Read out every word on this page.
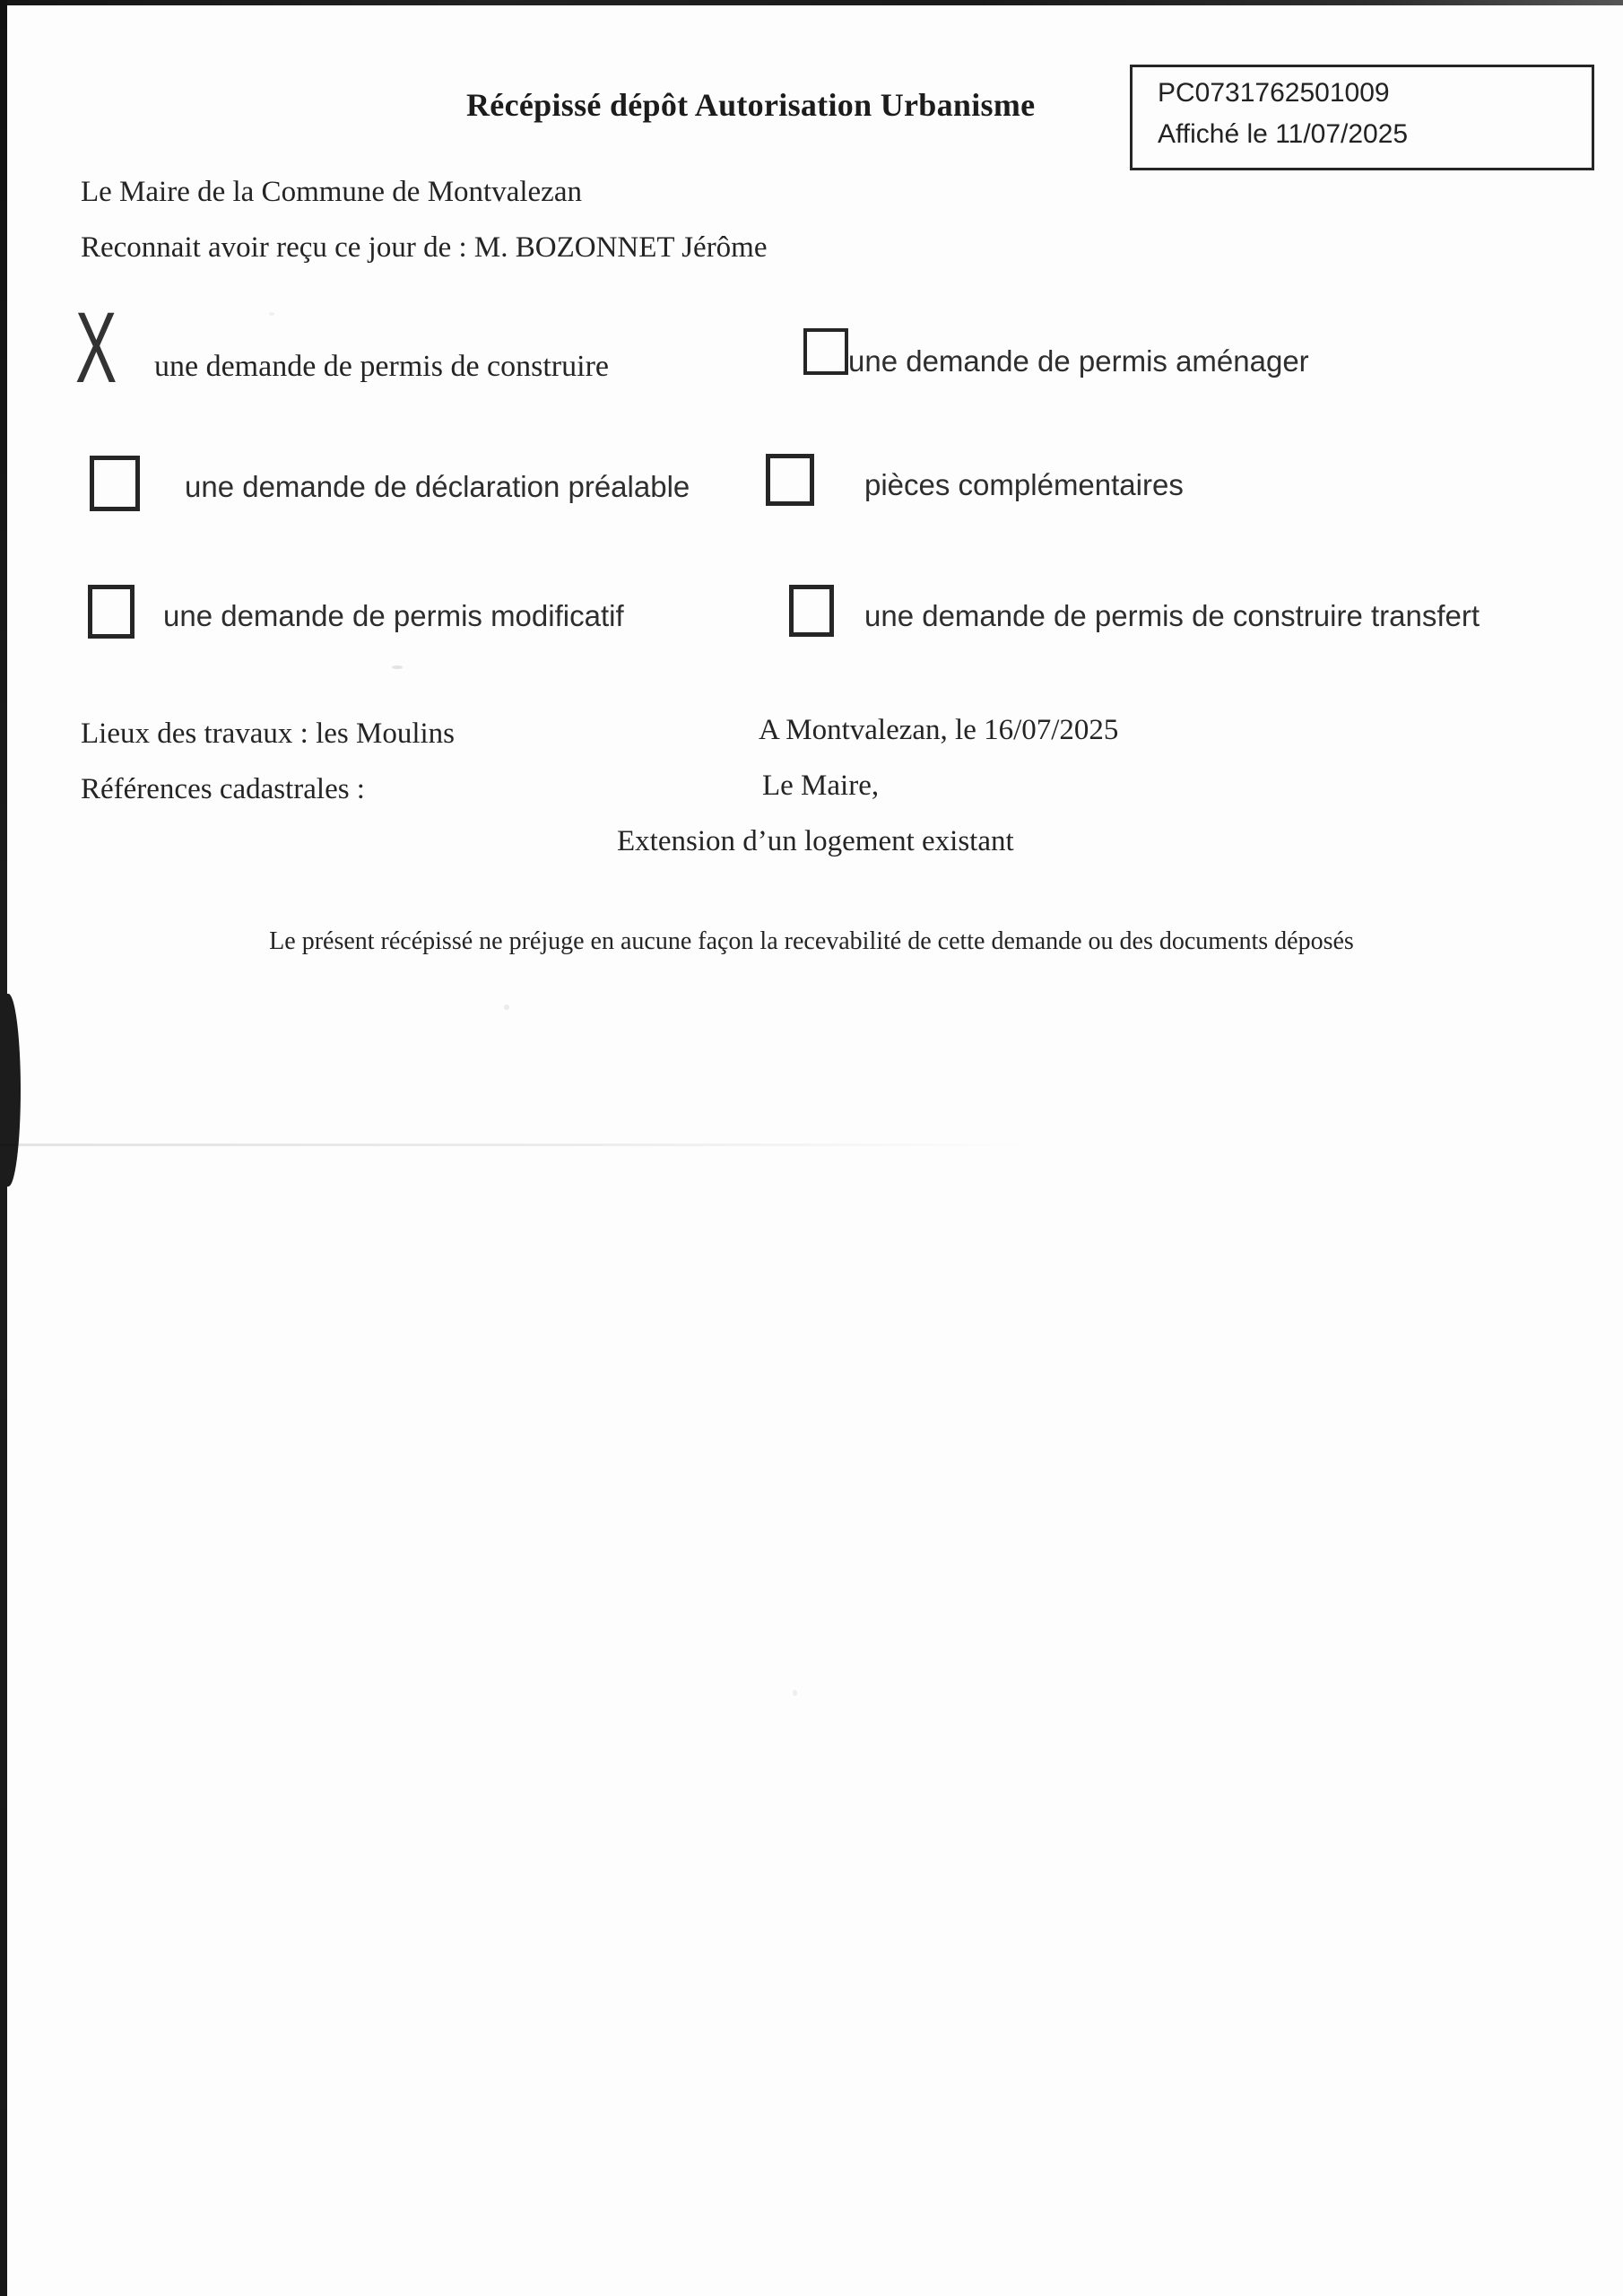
Récépissé dépôt Autorisation Urbanisme	PC0731762501009
Affiché le 11/07/2025

Le Maire de la Commune de Montvalezan

Reconnait avoir reçu ce jour de : M. BOZONNET Jérôme

X une demande de permis de construire	une demande de permis aménager

une demande de déclaration préalable	pièces complémentaires

une demande de permis modificatif	une demande de permis de construire transfert

Lieux des travaux : les Moulins	A Montvalezan, le 16/07/2025

Références cadastrales :	Le Maire,

Extension d’un logement existant

Le présent récépissé ne préjuge en aucune façon la recevabilité de cette demande ou des documents déposés
